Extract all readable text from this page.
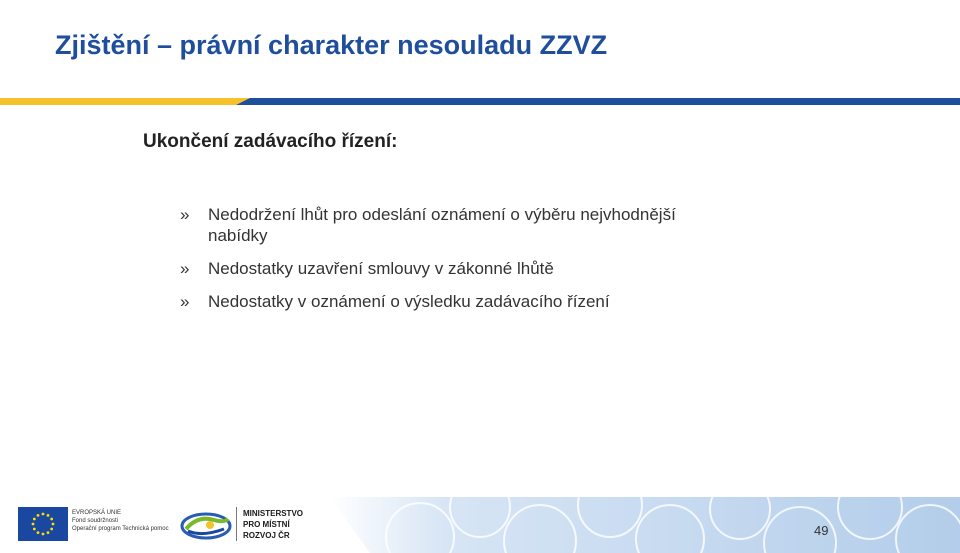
Zjištění – právní charakter nesouladu ZZVZ
Ukončení zadávacího řízení:
» Nedodržení lhůt pro odeslání oznámení o výběru nejvhodnější
nabídky
» Nedostatky uzavření smlouvy v zákonné lhůtě
» Nedostatky v oznámení o výsledku zadávacího řízení
EVROPSKÁ UNIE
Fond soudržnosti
Operační program Technická pomoc
MINISTERSTVO
PRO MÍSTNÍ
ROZVOJ ČR	49
